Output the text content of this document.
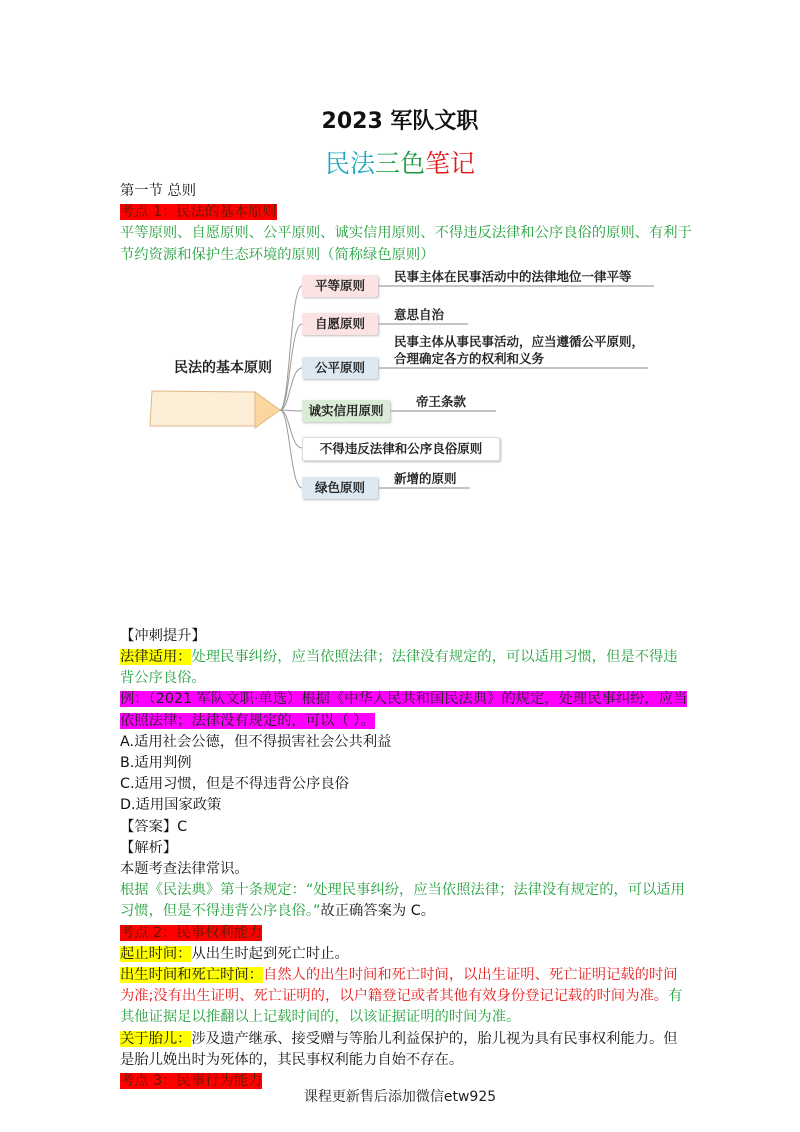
2023 军队文职
民法三色笔记

第一节 总则

考点 1：民法的基本原则

平等原则、自愿原则、公平原则、诚实信用原则、不得违反法律和公序良俗的原则、有利于节约资源和保护生态环境的原则（简称绿色原则）

民法的基本原则
平等原则
民事主体在民事活动中的法律地位一律平等
自愿原则
意思自治
公平原则
民事主体从事民事活动，应当遵循公平原则，合理确定各方的权利和义务
诚实信用原则
帝王条款
不得违反法律和公序良俗原则
绿色原则
新增的原则

【冲刺提升】

法律适用：处理民事纠纷，应当依照法律；法律没有规定的，可以适用习惯，但是不得违背公序良俗。

例：（2021 军队文职·单选）根据《中华人民共和国民法典》的规定，处理民事纠纷，应当依照法律；法律没有规定的，可以（ ）。

A.适用社会公德，但不得损害社会公共利益

B.适用判例

C.适用习惯，但是不得违背公序良俗

D.适用国家政策

【答案】C

【解析】

本题考查法律常识。

根据《民法典》第十条规定：“处理民事纠纷，应当依照法律；法律没有规定的，可以适用习惯，但是不得违背公序良俗。”故正确答案为 C。

考点 2：民事权利能力

起止时间：从出生时起到死亡时止。

出生时间和死亡时间：自然人的出生时间和死亡时间，以出生证明、死亡证明记载的时间为准;没有出生证明、死亡证明的，以户籍登记或者其他有效身份登记记载的时间为准。有其他证据足以推翻以上记载时间的，以该证据证明的时间为准。

关于胎儿：涉及遗产继承、接受赠与等胎儿利益保护的，胎儿视为具有民事权利能力。但是胎儿娩出时为死体的，其民事权利能力自始不存在。

考点 3：民事行为能力

课程更新售后添加微信etw925
